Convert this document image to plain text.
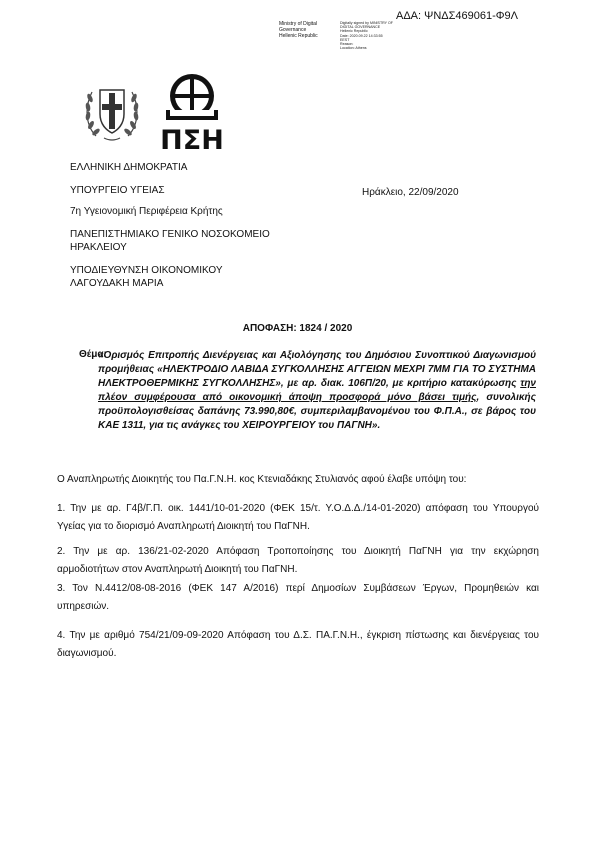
ΑΔΑ: ΨΝΔΣ469061-Φ9Λ
Ministry of Digital
Governance
Hellenic Republic
Digitally signed by MINISTRY OF
DIGITAL GOVERNANCE
Hellenic Republic
Date: 2020.09.22 14:33:55
EEST
Reason:
Location: Athens
ΠΣΗ
ΕΛΛΗΝΙΚΗ ΔΗΜΟΚΡΑΤΙΑ
ΥΠΟΥΡΓΕΙΟ ΥΓΕΙΑΣ
7η Υγειονομική Περιφέρεια Κρήτης
ΠΑΝΕΠΙΣΤΗΜΙΑΚΟ ΓΕΝΙΚΟ ΝΟΣΟΚΟΜΕΙΟ
ΗΡΑΚΛΕΙΟΥ
ΥΠΟΔΙΕΥΘΥΝΣΗ ΟΙΚΟΝΟΜΙΚΟΥ
ΛΑΓΟΥΔΑΚΗ ΜΑΡΙΑ
Ηράκλειο, 22/09/2020
ΑΠΟΦΑΣΗ: 1824 / 2020
Θέμα:
«Ορισμός Επιτροπής Διενέργειας και Αξιολόγησης του Δημόσιου Συνοπτικού Διαγωνισμού προμήθειας «ΗΛΕΚΤΡΟΔΙΟ ΛΑΒΙΔΑ ΣΥΓΚΟΛΛΗΣΗΣ ΑΓΓΕΙΩΝ ΜΕΧΡΙ 7ΜΜ ΓΙΑ ΤΟ ΣΥΣΤΗΜΑ ΗΛΕΚΤΡΟΘΕΡΜΙΚΗΣ ΣΥΓΚΟΛΛΗΣΗΣ», με αρ. διακ. 106Π/20, με κριτήριο κατακύρωσης την πλέον συμφέρουσα από οικονομική άποψη προσφορά μόνο βάσει τιμής, συνολικής προϋπολογισθείσας δαπάνης 73.990,80€, συμπεριλαμβανομένου του Φ.Π.Α., σε βάρος του ΚΑΕ 1311, για τις ανάγκες του ΧΕΙΡΟΥΡΓΕΙΟΥ του ΠΑΓΝΗ».
Ο Αναπληρωτής Διοικητής του Πα.Γ.Ν.Η. κος Κτενιαδάκης Στυλιανός αφού έλαβε υπόψη του:
1. Την με αρ. Γ4β/Γ.Π. οικ. 1441/10-01-2020 (ΦΕΚ 15/τ. Υ.Ο.Δ.Δ./14-01-2020) απόφαση του Υπουργού Υγείας για το διορισμό Αναπληρωτή Διοικητή του ΠαΓΝΗ.
2. Την με αρ. 136/21-02-2020 Απόφαση Τροποποίησης του Διοικητή ΠαΓΝΗ για την εκχώρηση αρμοδιοτήτων στον Αναπληρωτή Διοικητή του ΠαΓΝΗ.
3. Τον Ν.4412/08-08-2016 (ΦΕΚ 147 Α/2016) περί Δημοσίων Συμβάσεων Έργων, Προμηθειών και υπηρεσιών.
4. Την με αριθμό 754/21/09-09-2020 Απόφαση του Δ.Σ. ΠΑ.Γ.Ν.Η., έγκριση πίστωσης και διενέργειας του διαγωνισμού.
